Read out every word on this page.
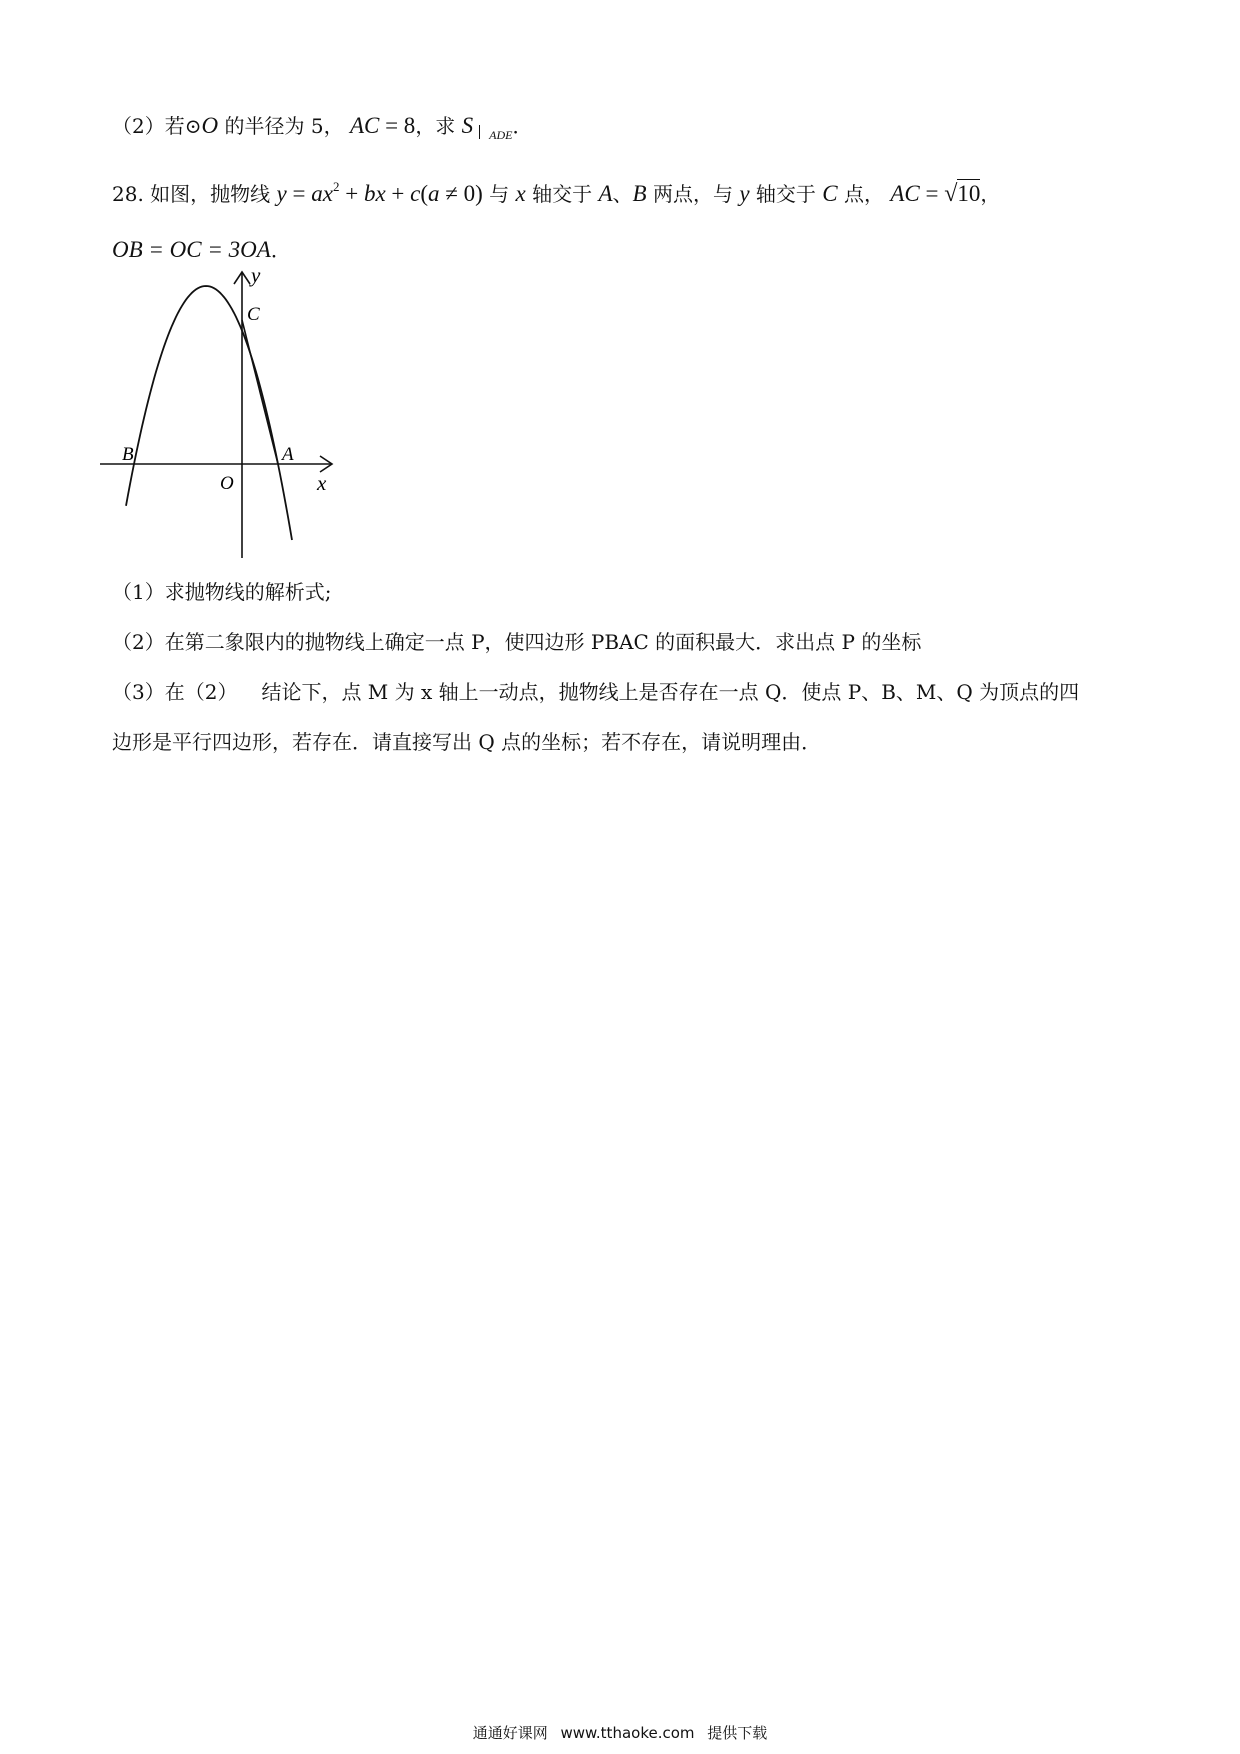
（2）若⊙O 的半径为 5， AC = 8，求 S $_{ADE}$．
28. 如图，抛物线 $y = ax^2$ + bx + c(a ≠ 0) 与 x 轴交于 A、B 两点，与 y 轴交于 C 点， AC = √10，
OB = OC = 3OA．
y
x
C
B	A
O
（1）求抛物线的解析式;
（2）在第二象限内的抛物线上确定一点 P，使四边形 PBAC 的面积最大．求出点 P 的坐标
（3）在（2） 结论下，点 M 为 x 轴上一动点，抛物线上是否存在一点 Q．使点 P、B、M、Q 为顶点的四
边形是平行四边形，若存在．请直接写出 Q 点的坐标；若不存在，请说明理由．
通通好课网 www.tthaoke.com 提供下载
